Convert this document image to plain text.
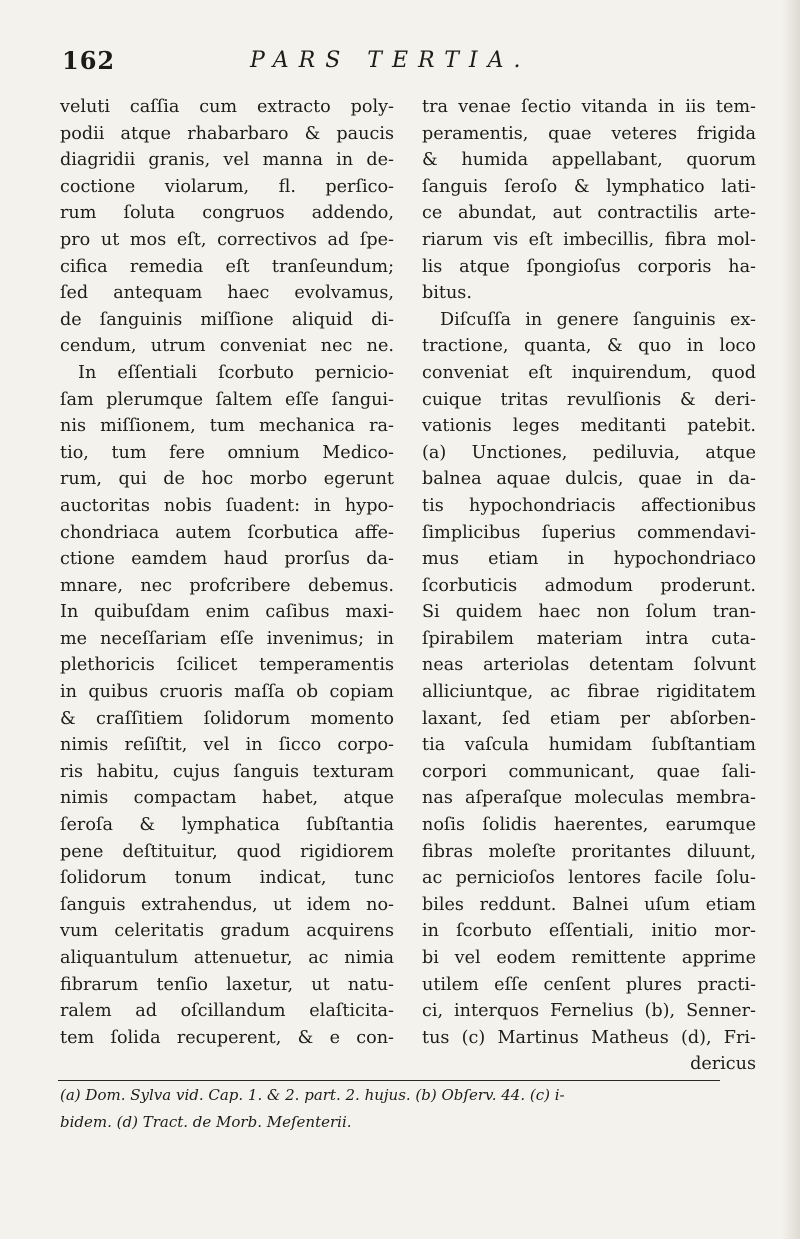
162	PARS TERTIA.
veluti caſſia cum extracto poly-
podii atque rhabarbaro & paucis
diagridii granis, vel manna in de-
coctione violarum, fl. perſico-
rum ſoluta congruos addendo,
pro ut mos eſt, correctivos ad ſpe-
cifica remedia eſt tranſeundum;
ſed antequam haec evolvamus,
de ſanguinis miſſione aliquid di-
cendum, utrum conveniat nec ne.
In eſſentiali ſcorbuto pernicio-
ſam plerumque ſaltem eſſe ſangui-
nis miſſionem, tum mechanica ra-
tio, tum fere omnium Medico-
rum, qui de hoc morbo egerunt
auctoritas nobis ſuadent: in hypo-
chondriaca autem ſcorbutica affe-
ctione eamdem haud prorſus da-
mnare, nec profcribere debemus.
In quibuſdam enim caſibus maxi-
me neceſſariam eſſe invenimus; in
plethoricis ſcilicet temperamentis
in quibus cruoris maſſa ob copiam
& craſſitiem ſolidorum momento
nimis reſiſtit, vel in ſicco corpo-
ris habitu, cujus ſanguis texturam
nimis compactam habet, atque
ſeroſa & lymphatica ſubſtantia
pene deſtituitur, quod rigidiorem
ſolidorum tonum indicat, tunc
ſanguis extrahendus, ut idem no-
vum celeritatis gradum acquirens
aliquantulum attenuetur, ac nimia
fibrarum tenſio laxetur, ut natu-
ralem ad oſcillandum elaſticita-
tem ſolida recuperent, & e con-
tra venae ſectio vitanda in iis tem-
peramentis, quae veteres frigida
& humida appellabant, quorum
ſanguis ſeroſo & lymphatico lati-
ce abundat, aut contractilis arte-
riarum vis eſt imbecillis, fibra mol-
lis atque ſpongioſus corporis ha-
bitus.
Diſcuſſa in genere ſanguinis ex-
tractione, quanta, & quo in loco
conveniat eſt inquirendum, quod
cuique tritas revulſionis & deri-
vationis leges meditanti patebit.
(a) Unctiones, pediluvia, atque
balnea aquae dulcis, quae in da-
tis hypochondriacis affectionibus
ſimplicibus ſuperius commendavi-
mus etiam in hypochondriaco
ſcorbuticis admodum proderunt.
Si quidem haec non ſolum tran-
ſpirabilem materiam intra cuta-
neas arteriolas detentam ſolvunt
alliciuntque, ac fibrae rigiditatem
laxant, ſed etiam per abſorben-
tia vaſcula humidam ſubſtantiam
corpori communicant, quae ſali-
nas aſperaſque moleculas membra-
noſis ſolidis haerentes, earumque
fibras moleſte proritantes diluunt,
ac pernicioſos lentores facile ſolu-
biles reddunt. Balnei uſum etiam
in ſcorbuto eſſentiali, initio mor-
bi vel eodem remittente apprime
utilem eſſe cenſent plures practi-
ci, interquos Fernelius (b), Senner-
tus (c) Martinus Matheus (d), Fri-
dericus
(a) Dom. Sylva vid. Cap. 1. & 2. part. 2. hujus. (b) Obſerv. 44. (c) i-
bidem. (d) Tract. de Morb. Meſenterii.
